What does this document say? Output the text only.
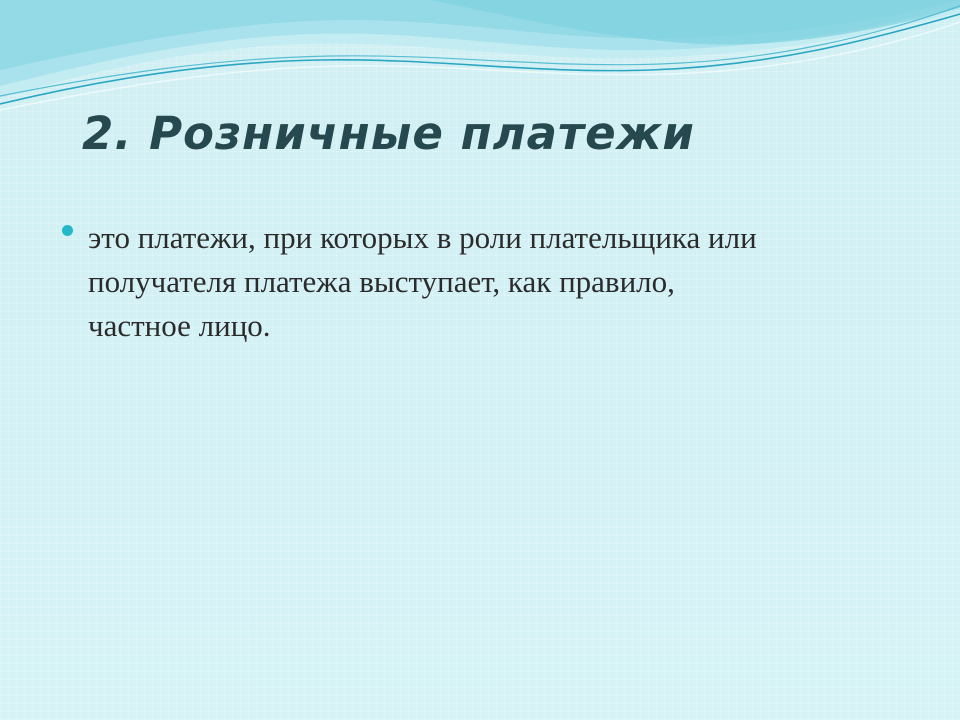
2. Розничные платежи
это платежи, при которых в роли плательщика или получателя платежа выступает, как правило, частное лицо.
